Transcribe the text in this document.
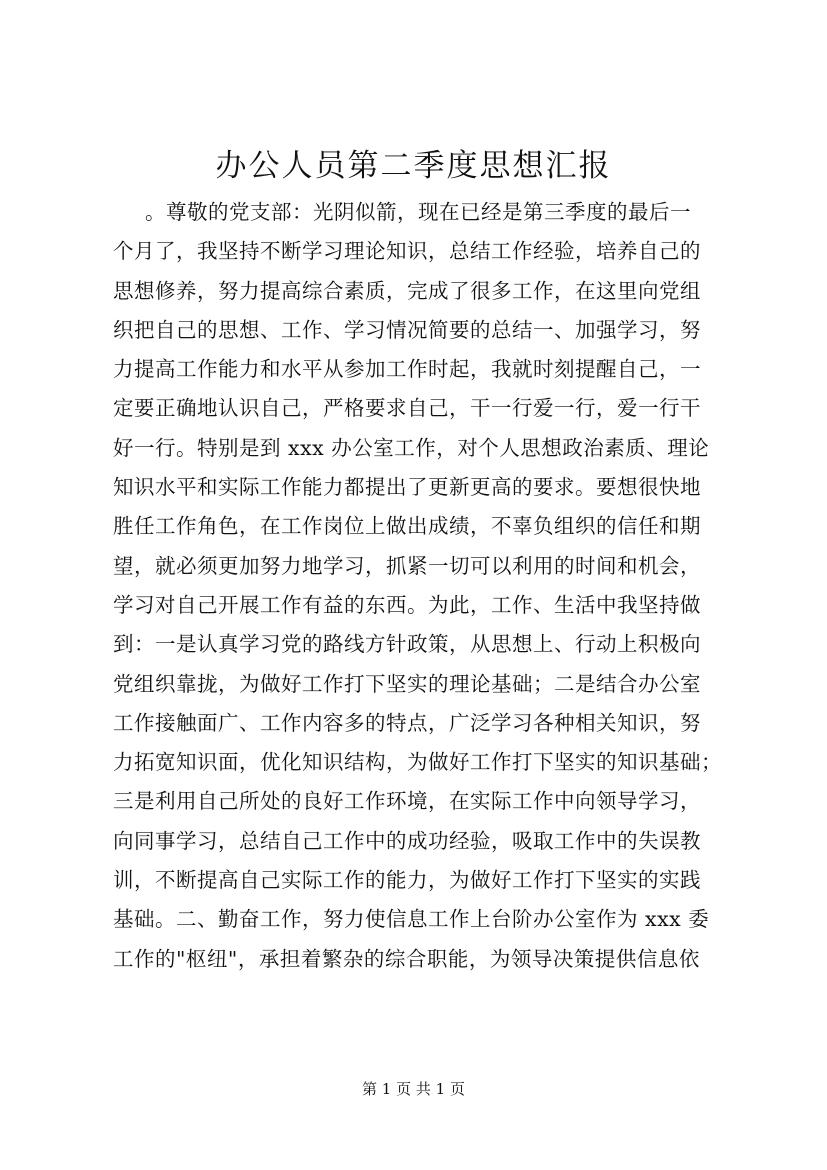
办公人员第二季度思想汇报
。尊敬的党支部：光阴似箭，现在已经是第三季度的最后一
个月了，我坚持不断学习理论知识，总结工作经验，培养自己的
思想修养，努力提高综合素质，完成了很多工作，在这里向党组
织把自己的思想、工作、学习情况简要的总结一、加强学习，努
力提高工作能力和水平从参加工作时起，我就时刻提醒自己，一
定要正确地认识自己，严格要求自己，干一行爱一行，爱一行干
好一行。特别是到 xxx 办公室工作，对个人思想政治素质、理论
知识水平和实际工作能力都提出了更新更高的要求。要想很快地
胜任工作角色，在工作岗位上做出成绩，不辜负组织的信任和期
望，就必须更加努力地学习，抓紧一切可以利用的时间和机会，
学习对自己开展工作有益的东西。为此，工作、生活中我坚持做
到：一是认真学习党的路线方针政策，从思想上、行动上积极向
党组织靠拢，为做好工作打下坚实的理论基础；二是结合办公室
工作接触面广、工作内容多的特点，广泛学习各种相关知识，努
力拓宽知识面，优化知识结构，为做好工作打下坚实的知识基础；
三是利用自己所处的良好工作环境，在实际工作中向领导学习，
向同事学习，总结自己工作中的成功经验，吸取工作中的失误教
训，不断提高自己实际工作的能力，为做好工作打下坚实的实践
基础。二、勤奋工作，努力使信息工作上台阶办公室作为 xxx 委
工作的"枢纽"，承担着繁杂的综合职能，为领导决策提供信息依
第 1 页 共 1 页
